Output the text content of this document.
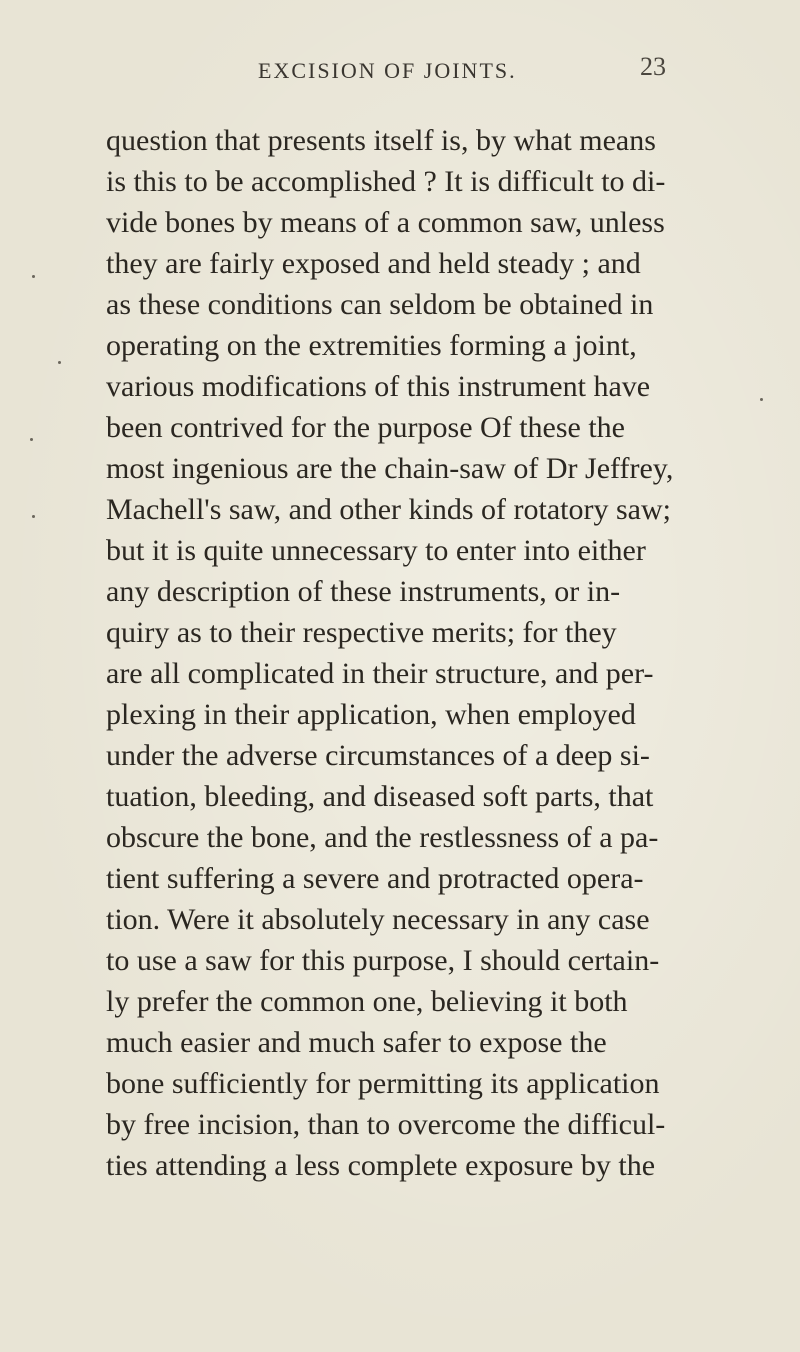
EXCISION OF JOINTS.	23
question that presents itself is, by what means
is this to be accomplished ? It is difficult to di-
vide bones by means of a common saw, unless
they are fairly exposed and held steady ; and
as these conditions can seldom be obtained in
operating on the extremities forming a joint,
various modifications of this instrument have
been contrived for the purpose Of these the
most ingenious are the chain-saw of Dr Jeffrey,
Machell's saw, and other kinds of rotatory saw;
but it is quite unnecessary to enter into either
any description of these instruments, or in-
quiry as to their respective merits; for they
are all complicated in their structure, and per-
plexing in their application, when employed
under the adverse circumstances of a deep si-
tuation, bleeding, and diseased soft parts, that
obscure the bone, and the restlessness of a pa-
tient suffering a severe and protracted opera-
tion. Were it absolutely necessary in any case
to use a saw for this purpose, I should certain-
ly prefer the common one, believing it both
much easier and much safer to expose the
bone sufficiently for permitting its application
by free incision, than to overcome the difficul-
ties attending a less complete exposure by the
